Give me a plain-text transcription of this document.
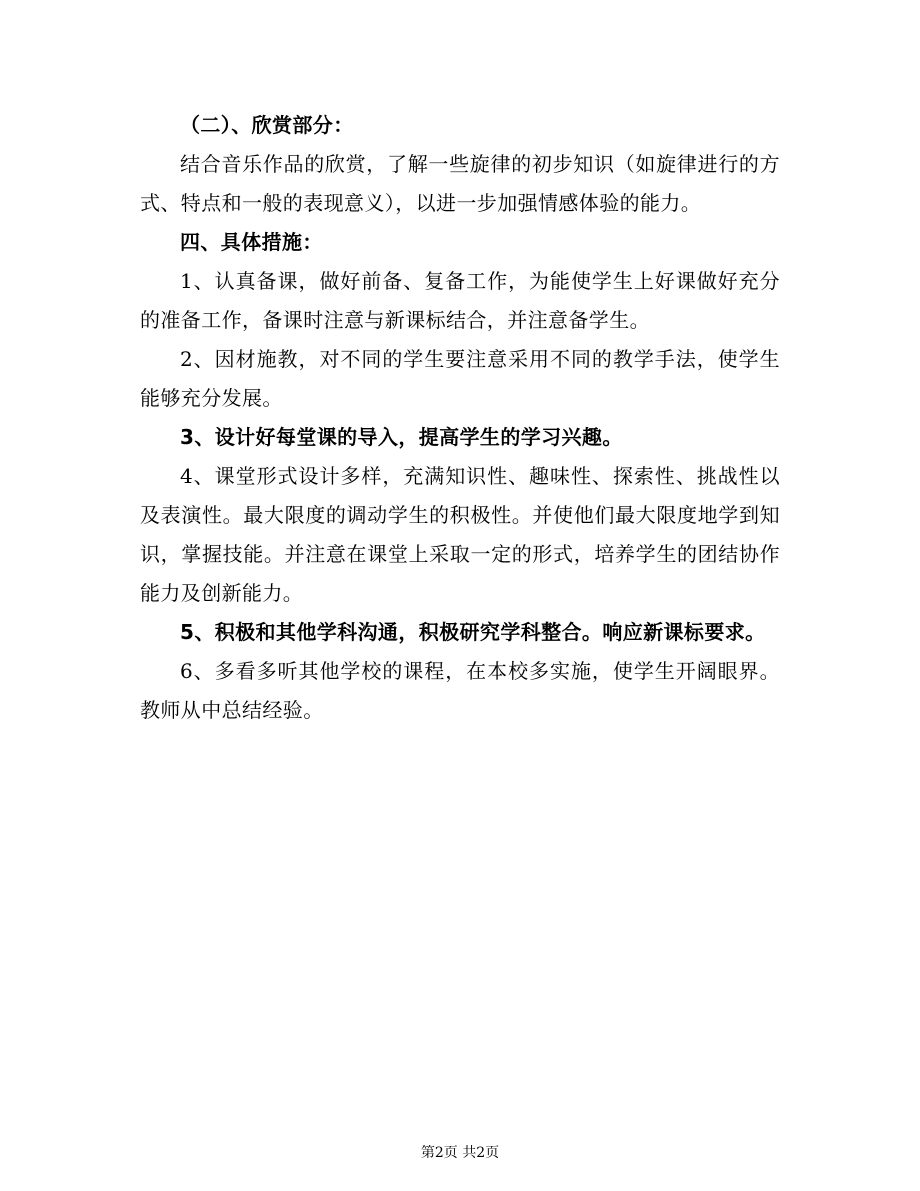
（二）、欣赏部分：

结合音乐作品的欣赏，了解一些旋律的初步知识（如旋律进行的方式、特点和一般的表现意义），以进一步加强情感体验的能力。

四、具体措施：

1、认真备课，做好前备、复备工作，为能使学生上好课做好充分的准备工作，备课时注意与新课标结合，并注意备学生。

2、因材施教，对不同的学生要注意采用不同的教学手法，使学生能够充分发展。

3、设计好每堂课的导入，提高学生的学习兴趣。

4、课堂形式设计多样，充满知识性、趣味性、探索性、挑战性以及表演性。最大限度的调动学生的积极性。并使他们最大限度地学到知识，掌握技能。并注意在课堂上采取一定的形式，培养学生的团结协作能力及创新能力。

5、积极和其他学科沟通，积极研究学科整合。响应新课标要求。

6、多看多听其他学校的课程，在本校多实施，使学生开阔眼界。教师从中总结经验。

第2页 共2页
